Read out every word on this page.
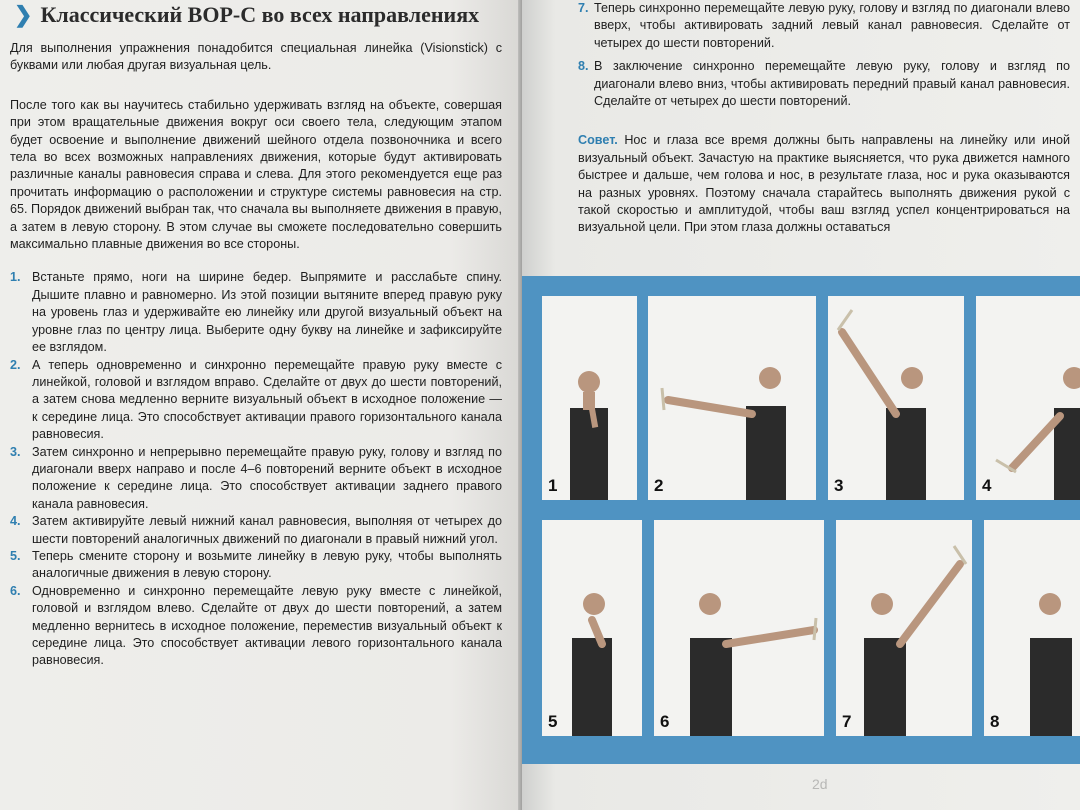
❯ Классический ВОР-С во всех направлениях

Для выполнения упражнения понадобится специальная линейка (Visionstick) с буквами или любая другая визуальная цель.

После того как вы научитесь стабильно удерживать взгляд на объекте, совершая при этом вращательные движения вокруг оси своего тела, следующим этапом будет освоение и выполнение движений шейного отдела позвоночника и всего тела во всех возможных направлениях движения, которые будут активировать различные каналы равновесия справа и слева. Для этого рекомендуется еще раз прочитать информацию о расположении и структуре системы равновесия на стр. 65. Порядок движений выбран так, что сначала вы выполняете движения в правую, а затем в левую сторону. В этом случае вы сможете последовательно совершить максимально плавные движения во все стороны.

1. Встаньте прямо, ноги на ширине бедер. Выпрямите и расслабьте спину. Дышите плавно и равномерно. Из этой позиции вытяните вперед правую руку на уровень глаз и удерживайте ею линейку или другой визуальный объект на уровне глаз по центру лица. Выберите одну букву на линейке и зафиксируйте ее взглядом.
2. А теперь одновременно и синхронно перемещайте правую руку вместе с линейкой, головой и взглядом вправо. Сделайте от двух до шести повторений, а затем снова медленно верните визуальный объект в исходное положение — к середине лица. Это способствует активации правого горизонтального канала равновесия.
3. Затем синхронно и непрерывно перемещайте правую руку, голову и взгляд по диагонали вверх направо и после 4–6 повторений верните объект в исходное положение к середине лица. Это способствует активации заднего правого канала равновесия.
4. Затем активируйте левый нижний канал равновесия, выполняя от четырех до шести повторений аналогичных движений по диагонали в правый нижний угол.
5. Теперь смените сторону и возьмите линейку в левую руку, чтобы выполнять аналогичные движения в левую сторону.
6. Одновременно и синхронно перемещайте левую руку вместе с линейкой, головой и взглядом влево. Сделайте от двух до шести повторений, а затем медленно вернитесь в исходное положение, переместив визуальный объект к середине лица. Это способствует активации левого горизонтального канала равновесия.
7. Теперь синхронно перемещайте левую руку, голову и взгляд по диагонали влево вверх, чтобы активировать задний левый канал равновесия. Сделайте от четырех до шести повторений.
8. В заключение синхронно перемещайте левую руку, голову и взгляд по диагонали влево вниз, чтобы активировать передний правый канал равновесия. Сделайте от четырех до шести повторений.
Совет. Нос и глаза все время должны быть направлены на линейку или иной визуальный объект. Зачастую на практике выясняется, что рука движется намного быстрее и дальше, чем голова и нос, в результате глаза, нос и рука оказываются на разных уровнях. Поэтому сначала старайтесь выполнять движения рукой с такой скоростью и амплитудой, чтобы ваш взгляд успел концентрироваться на визуальной цели. При этом глаза должны оставаться
1	2	3	4
5	6	7	8
2d
